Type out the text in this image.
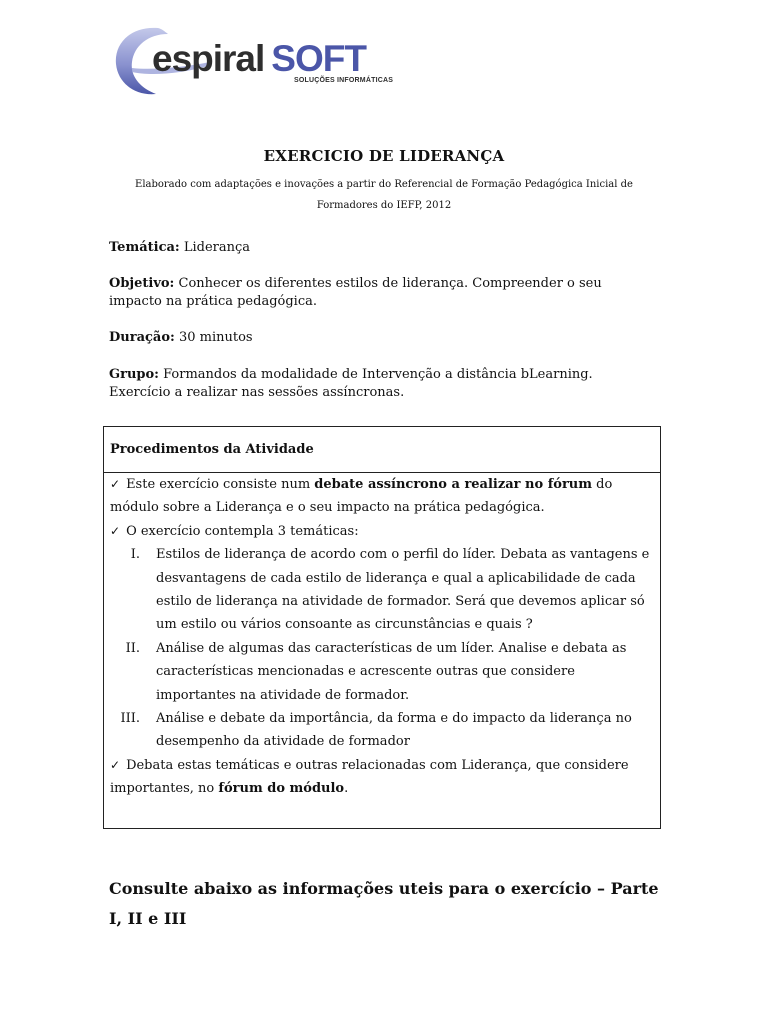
espiral SOFT
SOLUÇÕES INFORMÁTICAS
EXERCICIO DE LIDERANÇA
Elaborado com adaptações e inovações a partir do Referencial de Formação Pedagógica Inicial de Formadores do IEFP, 2012
Temática: Liderança
Objetivo: Conhecer os diferentes estilos de liderança. Compreender o seu impacto na prática pedagógica.
Duração: 30 minutos
Grupo: Formandos da modalidade de Intervenção a distância bLearning. Exercício a realizar nas sessões assíncronas.
Procedimentos da Atividade
✓ Este exercício consiste num debate assíncrono a realizar no fórum do módulo sobre a Liderança e o seu impacto na prática pedagógica.
✓ O exercício contempla 3 temáticas:
I.	Estilos de liderança de acordo com o perfil do líder. Debata as vantagens e desvantagens de cada estilo de liderança e qual a aplicabilidade de cada estilo de liderança na atividade de formador. Será que devemos aplicar só um estilo ou vários consoante as circunstâncias e quais ?
II.	Análise de algumas das características de um líder. Analise e debata as características mencionadas e acrescente outras que considere importantes na atividade de formador.
III.	Análise e debate da importância, da forma e do impacto da liderança no desempenho da atividade de formador
✓ Debata estas temáticas e outras relacionadas com Liderança, que considere importantes, no fórum do módulo.
Consulte abaixo as informações uteis para o exercício – Parte I, II e III
